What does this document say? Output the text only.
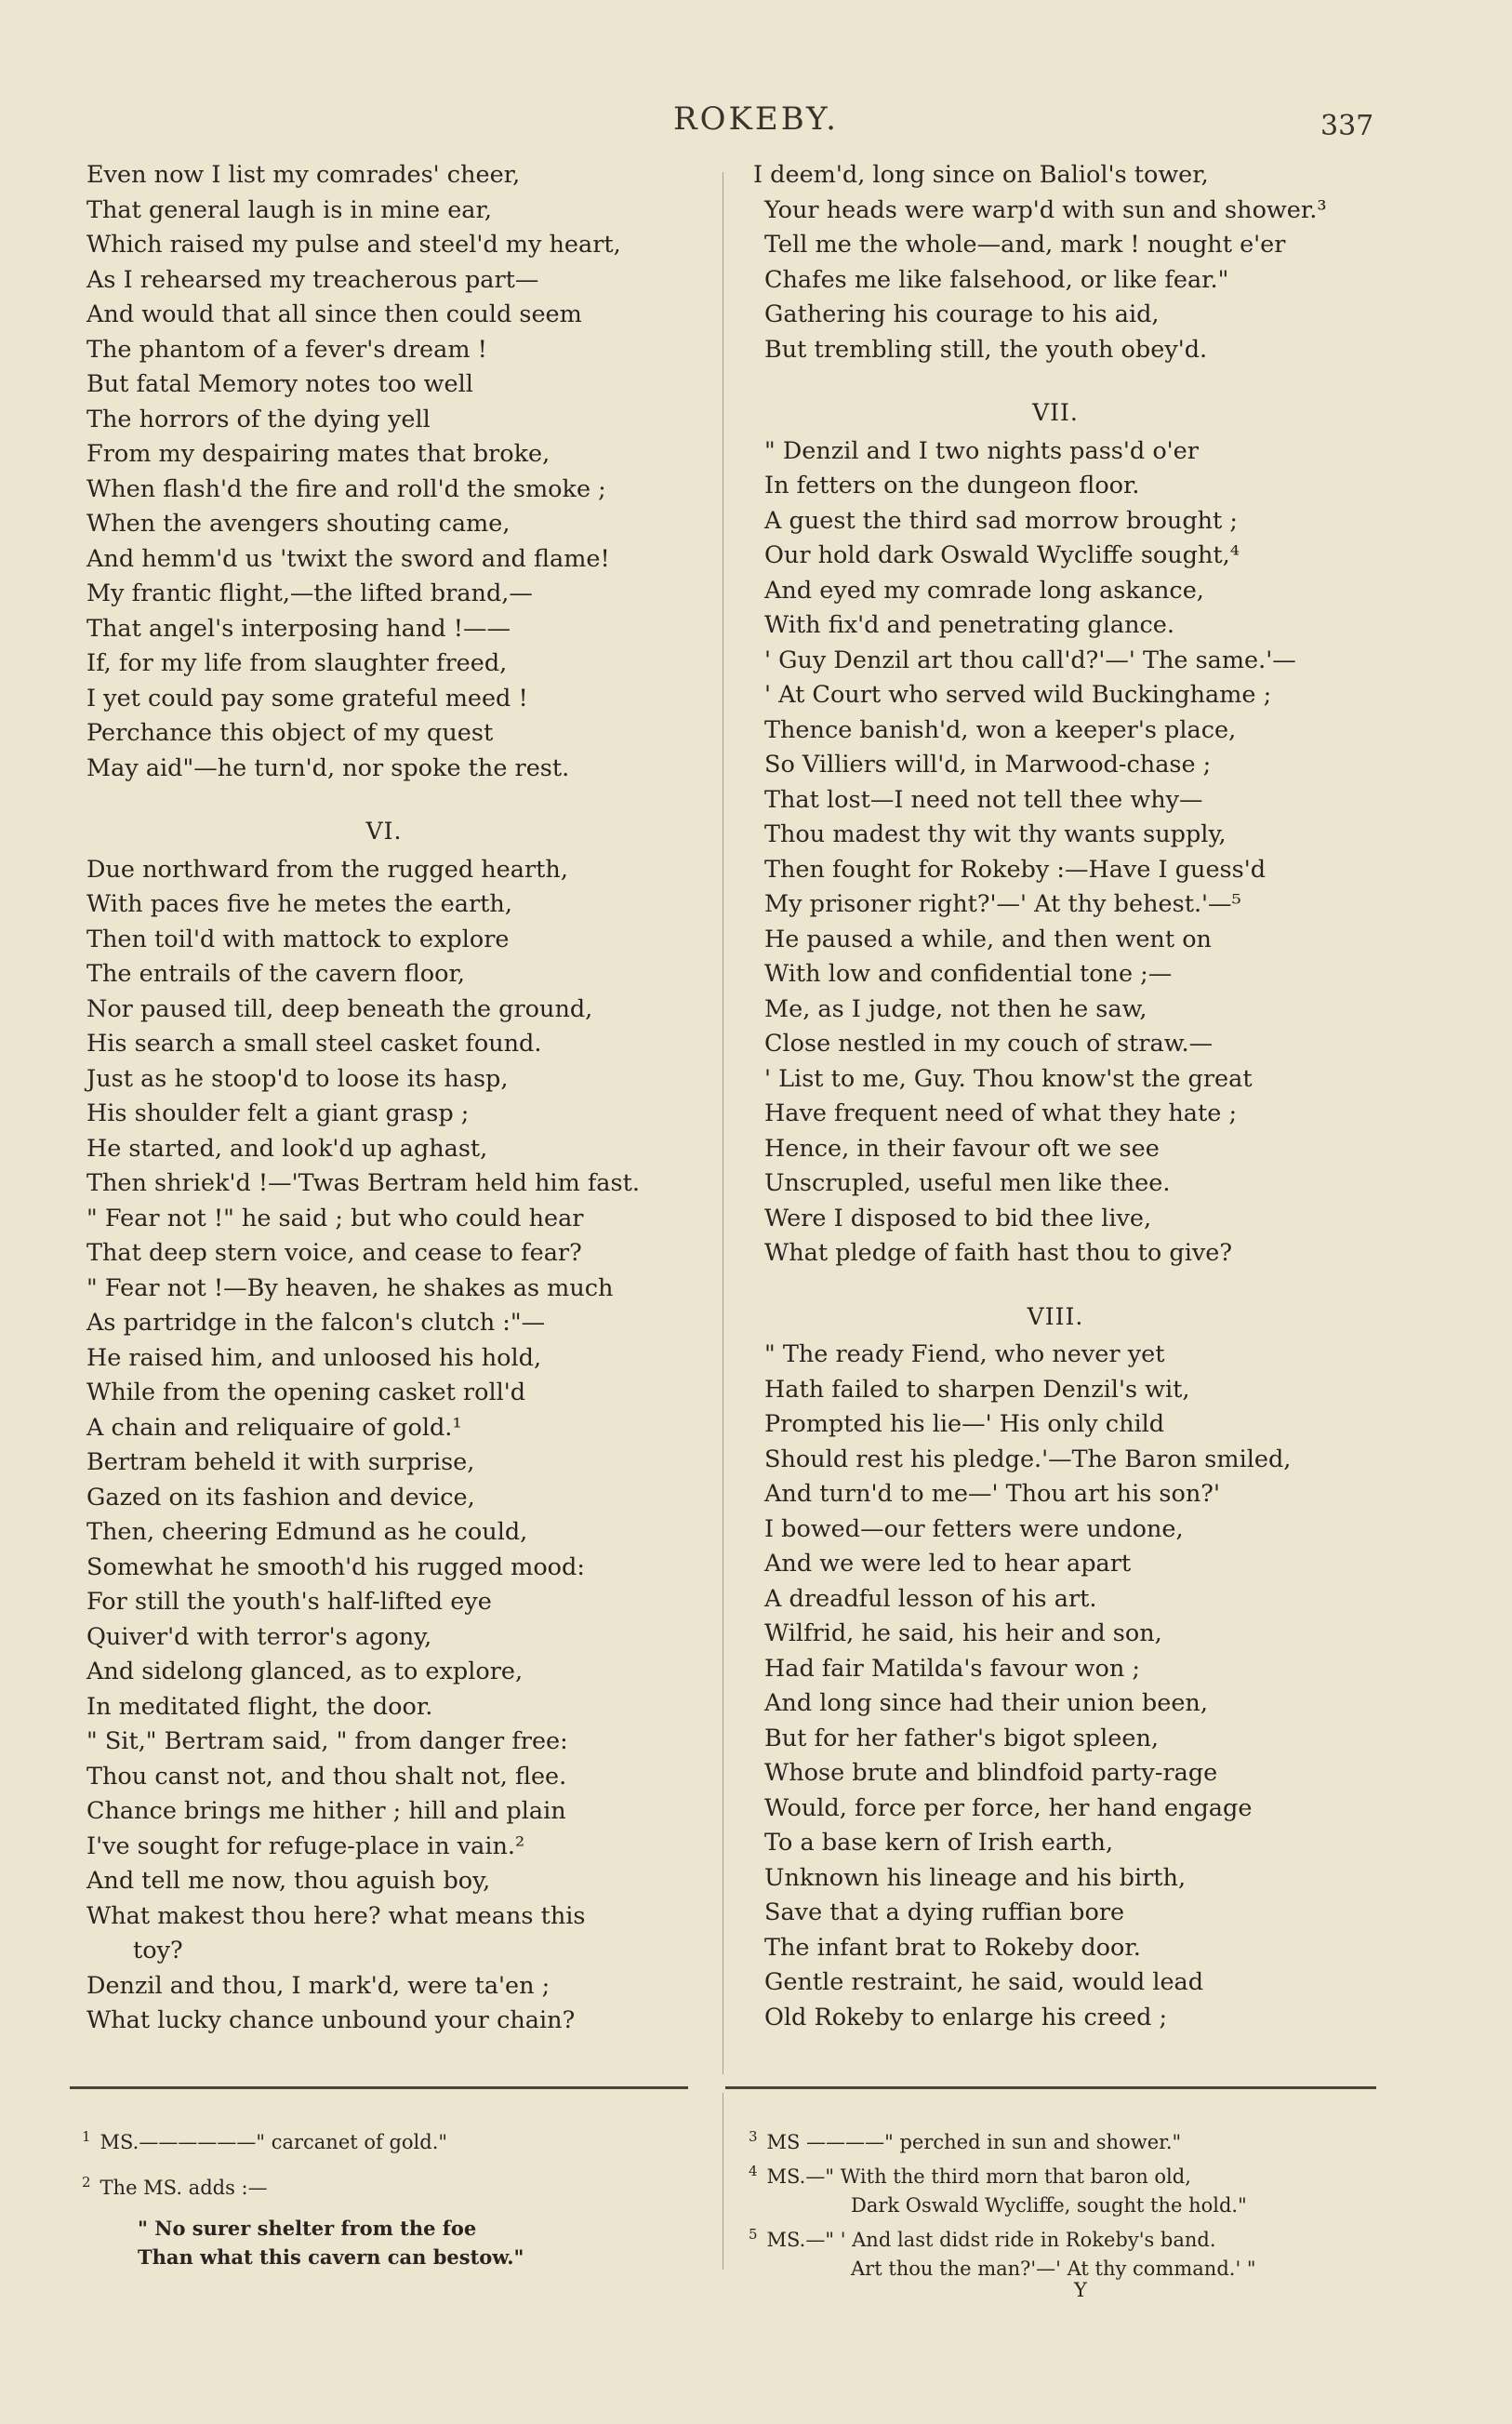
ROKEBY.	337
Even now I list my comrades' cheer,
That general laugh is in mine ear,
Which raised my pulse and steel'd my heart,
As I rehearsed my treacherous part—
And would that all since then could seem
The phantom of a fever's dream !
But fatal Memory notes too well
The horrors of the dying yell
From my despairing mates that broke,
When flash'd the fire and roll'd the smoke ;
When the avengers shouting came,
And hemm'd us 'twixt the sword and flame!
My frantic flight,—the lifted brand,—
That angel's interposing hand !——
If, for my life from slaughter freed,
I yet could pay some grateful meed !
Perchance this object of my quest
May aid"—he turn'd, nor spoke the rest.
VI.
Due northward from the rugged hearth,
With paces five he metes the earth,
Then toil'd with mattock to explore
The entrails of the cavern floor,
Nor paused till, deep beneath the ground,
His search a small steel casket found.
Just as he stoop'd to loose its hasp,
His shoulder felt a giant grasp ;
He started, and look'd up aghast,
Then shriek'd !—'Twas Bertram held him fast.
" Fear not !" he said ; but who could hear
That deep stern voice, and cease to fear?
" Fear not !—By heaven, he shakes as much
As partridge in the falcon's clutch :"—
He raised him, and unloosed his hold,
While from the opening casket roll'd
A chain and reliquaire of gold.¹
Bertram beheld it with surprise,
Gazed on its fashion and device,
Then, cheering Edmund as he could,
Somewhat he smooth'd his rugged mood:
For still the youth's half-lifted eye
Quiver'd with terror's agony,
And sidelong glanced, as to explore,
In meditated flight, the door.
" Sit," Bertram said, " from danger free:
Thou canst not, and thou shalt not, flee.
Chance brings me hither ; hill and plain
I've sought for refuge-place in vain.²
And tell me now, thou aguish boy,
What makest thou here? what means this
toy?
Denzil and thou, I mark'd, were ta'en ;
What lucky chance unbound your chain?
I deem'd, long since on Baliol's tower,
Your heads were warp'd with sun and shower.³
Tell me the whole—and, mark ! nought e'er
Chafes me like falsehood, or like fear."
Gathering his courage to his aid,
But trembling still, the youth obey'd.
VII.
" Denzil and I two nights pass'd o'er
In fetters on the dungeon floor.
A guest the third sad morrow brought ;
Our hold dark Oswald Wycliffe sought,⁴
And eyed my comrade long askance,
With fix'd and penetrating glance.
' Guy Denzil art thou call'd?'—' The same.'—
' At Court who served wild Buckinghame ;
Thence banish'd, won a keeper's place,
So Villiers will'd, in Marwood-chase ;
That lost—I need not tell thee why—
Thou madest thy wit thy wants supply,
Then fought for Rokeby :—Have I guess'd
My prisoner right?'—' At thy behest.'—⁵
He paused a while, and then went on
With low and confidential tone ;—
Me, as I judge, not then he saw,
Close nestled in my couch of straw.—
' List to me, Guy. Thou know'st the great
Have frequent need of what they hate ;
Hence, in their favour oft we see
Unscrupled, useful men like thee.
Were I disposed to bid thee live,
What pledge of faith hast thou to give?
VIII.
" The ready Fiend, who never yet
Hath failed to sharpen Denzil's wit,
Prompted his lie—' His only child
Should rest his pledge.'—The Baron smiled,
And turn'd to me—' Thou art his son?'
I bowed—our fetters were undone,
And we were led to hear apart
A dreadful lesson of his art.
Wilfrid, he said, his heir and son,
Had fair Matilda's favour won ;
And long since had their union been,
But for her father's bigot spleen,
Whose brute and blindfoid party-rage
Would, force per force, her hand engage
To a base kern of Irish earth,
Unknown his lineage and his birth,
Save that a dying ruffian bore
The infant brat to Rokeby door.
Gentle restraint, he said, would lead
Old Rokeby to enlarge his creed ;
$^1$ MS.——————" carcanet of gold."
$^2$ The MS. adds :—
" No surer shelter from the foe
Than what this cavern can bestow."
$^3$ MS ————" perched in sun and shower."
$^4$ MS.—" With the third morn that baron old,
Dark Oswald Wycliffe, sought the hold."
$^5$ MS.—" ' And last didst ride in Rokeby's band.
Art thou the man?'—' At thy command.' "
Y
